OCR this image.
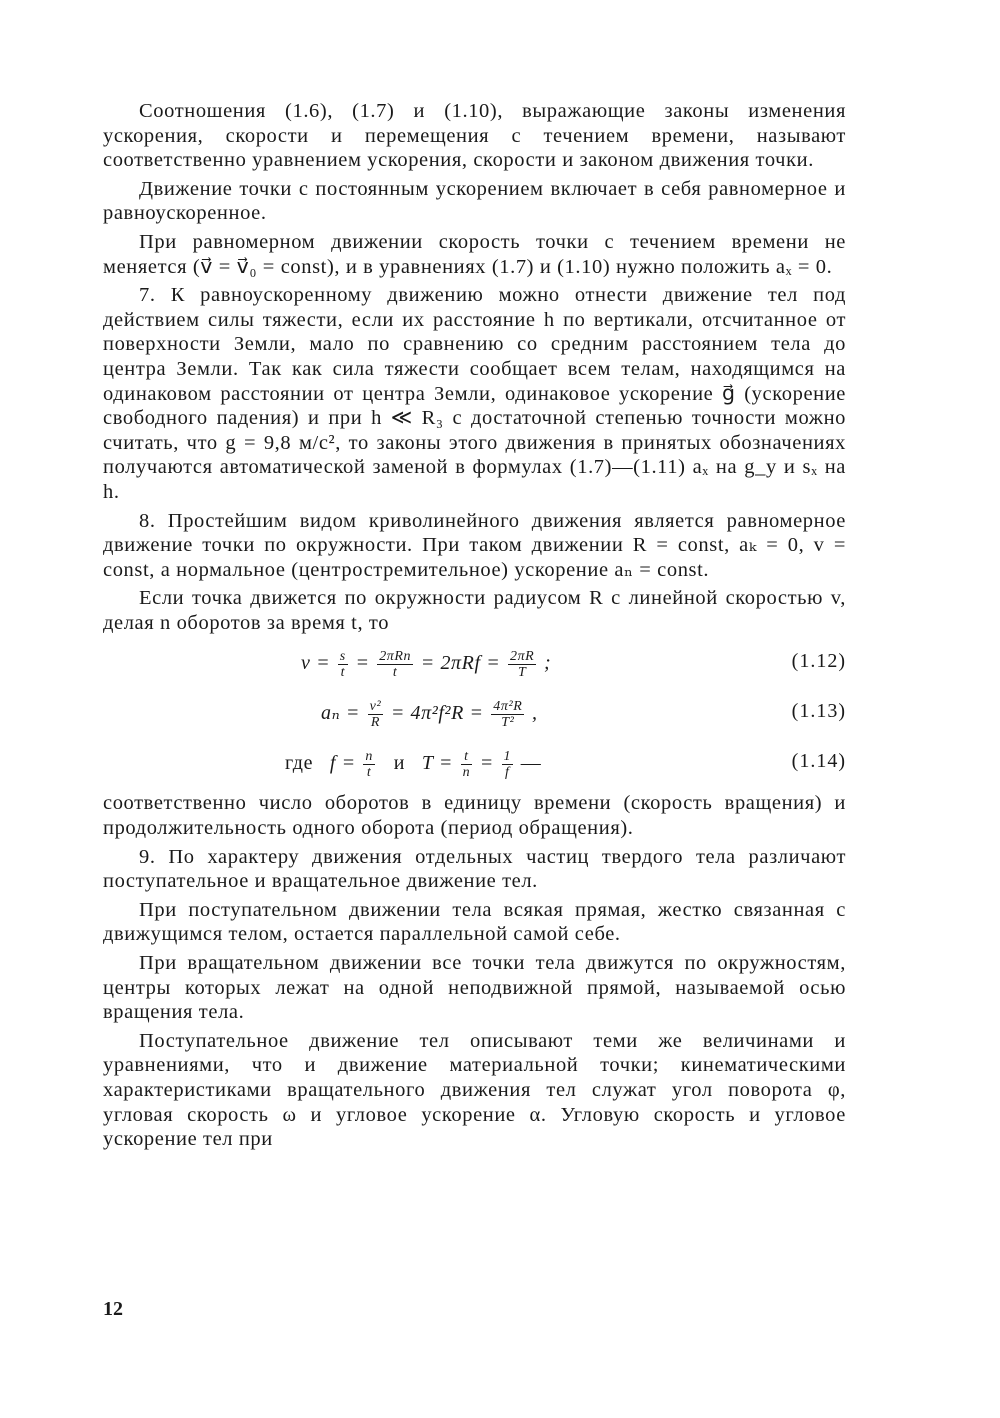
Соотношения (1.6), (1.7) и (1.10), выражающие законы изменения ускорения, скорости и перемещения с течением времени, называют соответственно уравнением ускорения, скорости и законом движения точки.

Движение точки с постоянным ускорением включает в себя равномерное и равноускоренное.

При равномерном движении скорость точки с течением времени не меняется (v⃗ = v⃗₀ = const), и в уравнениях (1.7) и (1.10) нужно положить aₓ = 0.

7. К равноускоренному движению можно отнести движение тел под действием силы тяжести, если их расстояние h по вертикали, отсчитанное от поверхности Земли, мало по сравнению со средним расстоянием тела до центра Земли. Так как сила тяжести сообщает всем телам, находящимся на одинаковом расстоянии от центра Земли, одинаковое ускорение g⃗ (ускорение свободного падения) и при h ≪ R₃ с достаточной степенью точности можно считать, что g = 9,8 м/с², то законы этого движения в принятых обозначениях получаются автоматической заменой в формулах (1.7)—(1.11) aₓ на g_y и sₓ на h.

8. Простейшим видом криволинейного движения является равномерное движение точки по окружности. При таком движении R = const, aₖ = 0, v = const, а нормальное (центростремительное) ускорение aₙ = const.

Если точка движется по окружности радиусом R с линейной скоростью v, делая n оборотов за время t, то

$v = \frac{s}{t} = \frac{\text{2πRn}}{t} = 2\pi Rf = \frac{2\pi R}{T}$ ;	(1.12)
$a_n = \frac{\text{v²}}{R} = 4\pi^2f^2R = \frac{\text{4π²R}}{\text{T²}}$ ,	(1.13)
где $f = \frac{n}{t}$ и $T = \frac{t}{n} = \frac{1}{f}$ —	(1.14)

соответственно число оборотов в единицу времени (скорость вращения) и продолжительность одного оборота (период обращения).

9. По характеру движения отдельных частиц твердого тела различают поступательное и вращательное движение тел.

При поступательном движении тела всякая прямая, жестко связанная с движущимся телом, остается параллельной самой себе.

При вращательном движении все точки тела движутся по окружностям, центры которых лежат на одной неподвижной прямой, называемой осью вращения тела.

Поступательное движение тел описывают теми же величинами и уравнениями, что и движение материальной точки; кинематическими характеристиками вращательного движения тел служат угол поворота φ, угловая скорость ω и угловое ускорение α. Угловую скорость и угловое ускорение тел при

12
